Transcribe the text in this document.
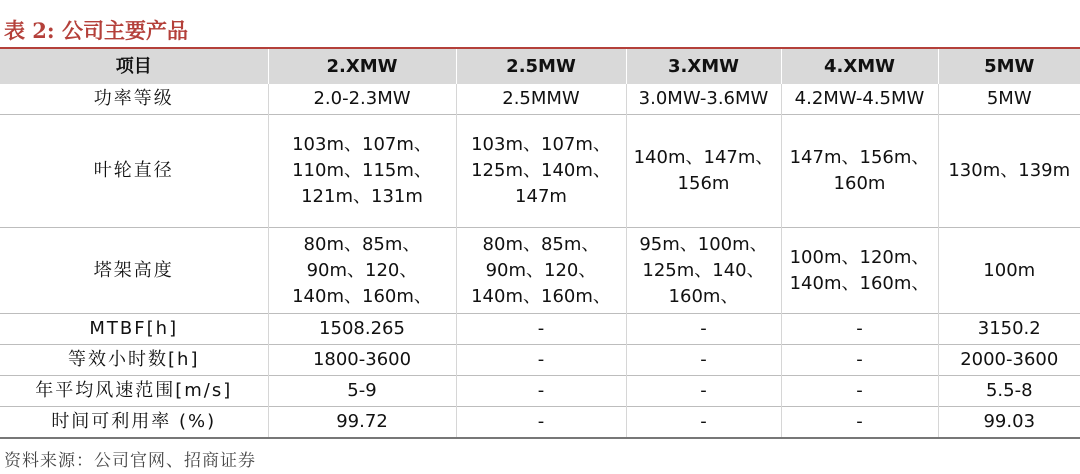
表 2: 公司主要产品
项目	2.XMW	2.5MW	3.XMW	4.XMW	5MW
功率等级	2.0-2.3MW	2.5MMW	3.0MW-3.6MW	4.2MW-4.5MW	5MW
叶轮直径	103m、107m、
110m、115m、
121m、131m	103m、107m、
125m、140m、
147m	140m、147m、
156m	147m、156m、
160m	130m、139m

塔架高度	80m、85m、
90m、120、
140m、160m、	80m、85m、
90m、120、
140m、160m、	95m、100m、
125m、140、
160m、	100m、120m、
140m、160m、	100m

MTBF[h]	1508.265	-	-	-	3150.2
等效小时数[h]	1800-3600	-	-	-	2000-3600
年平均风速范围[m/s]	5-9	-	-	-	5.5-8
时间可利用率 (%)	99.72	-	-	-	99.03
资料来源：公司官网、招商证券
